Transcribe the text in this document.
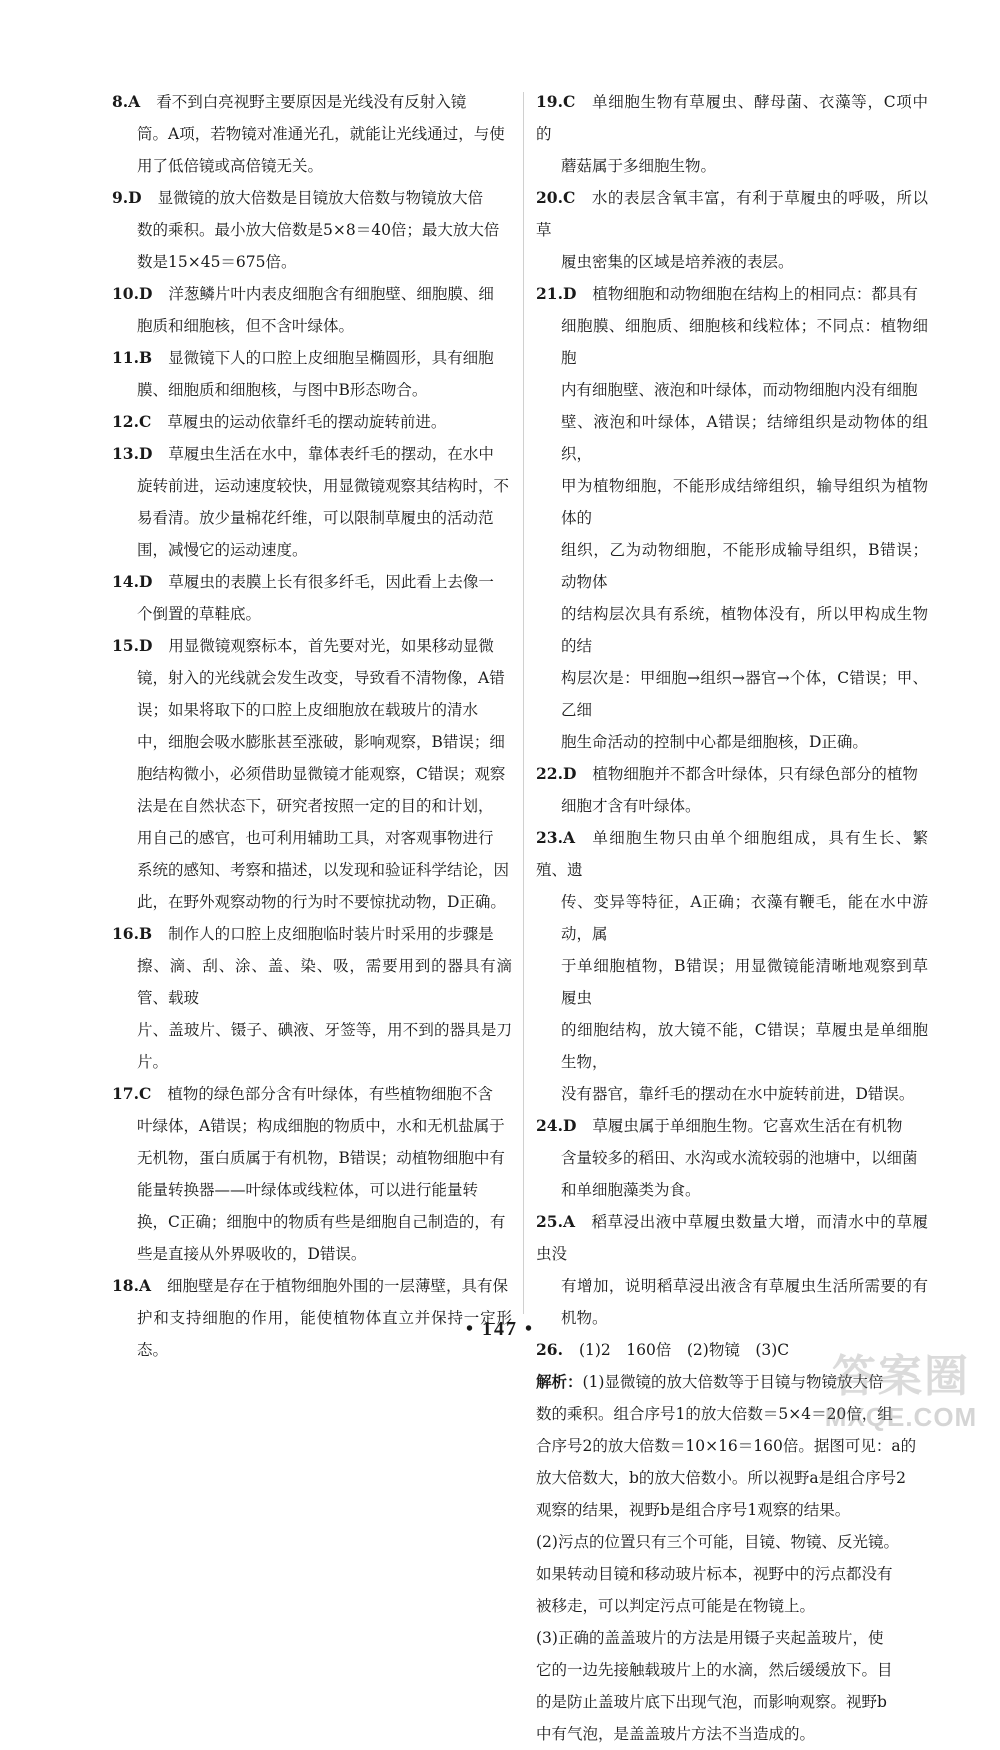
8.A 看不到白亮视野主要原因是光线没有反射入镜

筒。A项，若物镜对准通光孔，就能让光线通过，与使

用了低倍镜或高倍镜无关。

9.D 显微镜的放大倍数是目镜放大倍数与物镜放大倍

数的乘积。最小放大倍数是5×8＝40倍；最大放大倍

数是15×45＝675倍。

10.D 洋葱鳞片叶内表皮细胞含有细胞壁、细胞膜、细

胞质和细胞核，但不含叶绿体。

11.B 显微镜下人的口腔上皮细胞呈椭圆形，具有细胞

膜、细胞质和细胞核，与图中B形态吻合。

12.C 草履虫的运动依靠纤毛的摆动旋转前进。

13.D 草履虫生活在水中，靠体表纤毛的摆动，在水中

旋转前进，运动速度较快，用显微镜观察其结构时，不

易看清。放少量棉花纤维，可以限制草履虫的活动范

围，减慢它的运动速度。

14.D 草履虫的表膜上长有很多纤毛，因此看上去像一

个倒置的草鞋底。

15.D 用显微镜观察标本，首先要对光，如果移动显微

镜，射入的光线就会发生改变，导致看不清物像，A错

误；如果将取下的口腔上皮细胞放在载玻片的清水

中，细胞会吸水膨胀甚至涨破，影响观察，B错误；细

胞结构微小，必须借助显微镜才能观察，C错误；观察

法是在自然状态下，研究者按照一定的目的和计划，

用自己的感官，也可利用辅助工具，对客观事物进行

系统的感知、考察和描述，以发现和验证科学结论，因

此，在野外观察动物的行为时不要惊扰动物，D正确。

16.B 制作人的口腔上皮细胞临时装片时采用的步骤是

擦、滴、刮、涂、盖、染、吸，需要用到的器具有滴管、载玻

片、盖玻片、镊子、碘液、牙签等，用不到的器具是刀片。

17.C 植物的绿色部分含有叶绿体，有些植物细胞不含

叶绿体，A错误；构成细胞的物质中，水和无机盐属于

无机物，蛋白质属于有机物，B错误；动植物细胞中有

能量转换器——叶绿体或线粒体，可以进行能量转

换，C正确；细胞中的物质有些是细胞自己制造的，有

些是直接从外界吸收的，D错误。

18.A 细胞壁是存在于植物细胞外围的一层薄壁，具有保

护和支持细胞的作用，能使植物体直立并保持一定形态。

19.C 单细胞生物有草履虫、酵母菌、衣藻等，C项中的

蘑菇属于多细胞生物。

20.C 水的表层含氧丰富，有利于草履虫的呼吸，所以草

履虫密集的区域是培养液的表层。

21.D 植物细胞和动物细胞在结构上的相同点：都具有

细胞膜、细胞质、细胞核和线粒体；不同点：植物细胞

内有细胞壁、液泡和叶绿体，而动物细胞内没有细胞

壁、液泡和叶绿体，A错误；结缔组织是动物体的组织，

甲为植物细胞，不能形成结缔组织，输导组织为植物体的

组织，乙为动物细胞，不能形成输导组织，B错误；动物体

的结构层次具有系统，植物体没有，所以甲构成生物的结

构层次是：甲细胞→组织→器官→个体，C错误；甲、乙细

胞生命活动的控制中心都是细胞核，D正确。

22.D 植物细胞并不都含叶绿体，只有绿色部分的植物

细胞才含有叶绿体。

23.A 单细胞生物只由单个细胞组成，具有生长、繁殖、遗

传、变异等特征，A正确；衣藻有鞭毛，能在水中游动，属

于单细胞植物，B错误；用显微镜能清晰地观察到草履虫

的细胞结构，放大镜不能，C错误；草履虫是单细胞生物，

没有器官，靠纤毛的摆动在水中旋转前进，D错误。

24.D 草履虫属于单细胞生物。它喜欢生活在有机物

含量较多的稻田、水沟或水流较弱的池塘中，以细菌

和单细胞藻类为食。

25.A 稻草浸出液中草履虫数量大增，而清水中的草履虫没

有增加，说明稻草浸出液含有草履虫生活所需要的有机物。

26. (1)2　160倍　(2)物镜　(3)C

解析：(1)显微镜的放大倍数等于目镜与物镜放大倍

数的乘积。组合序号1的放大倍数＝5×4＝20倍，组

合序号2的放大倍数＝10×16＝160倍。据图可见：a的

放大倍数大，b的放大倍数小。所以视野a是组合序号2

观察的结果，视野b是组合序号1观察的结果。

(2)污点的位置只有三个可能，目镜、物镜、反光镜。

如果转动目镜和移动玻片标本，视野中的污点都没有

被移走，可以判定污点可能是在物镜上。

(3)正确的盖盖玻片的方法是用镊子夹起盖玻片，使

它的一边先接触载玻片上的水滴，然后缓缓放下。目

的是防止盖玻片底下出现气泡，而影响观察。视野b

中有气泡，是盖盖玻片方法不当造成的。

• 147 •
答案圈
MXQE.COM
